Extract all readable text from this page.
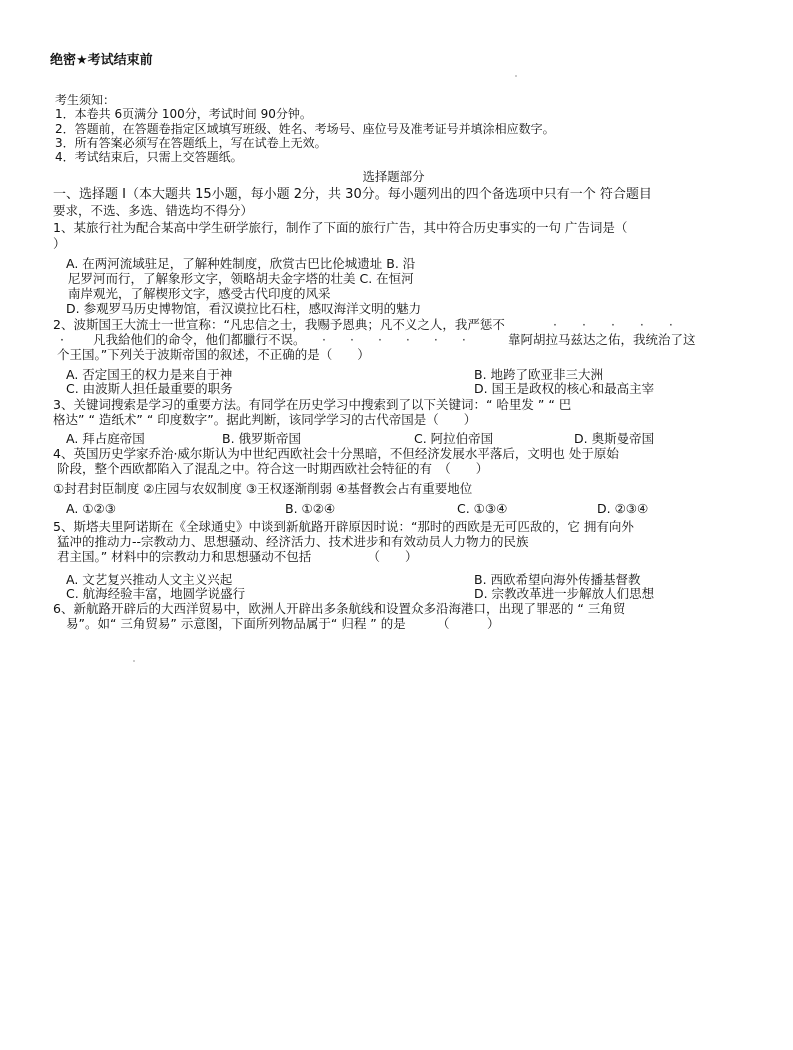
绝密★考试结束前
考生须知：
1．本卷共 6页满分 100分，考试时间 90分钟。
2．答题前，在答题卷指定区域填写班级、姓名、考场号、座位号及准考证号并填涂相应数字。
3．所有答案必须写在答题纸上，写在试卷上无效。
4．考试结束后，只需上交答题纸。
选择题部分
一、选择题 I（本大题共 15小题，每小题 2分，共 30分。每小题列出的四个备选项中只有一个 符合题目
要求，不选、多选、错选均不得分）
1、某旅行社为配合某高中学生研学旅行，制作了下面的旅行广告，其中符合历史事实的一句 广告词是（
）
A. 在两河流域驻足，了解种姓制度，欣赏古巴比伦城遗址 B. 沿
尼罗河而行，了解象形文字，领略胡夫金字塔的壮美 C. 在恒河
南岸观光，了解楔形文字，感受古代印度的风采
D. 参观罗马历史博物馆，看汉谟拉比石柱，感叹海洋文明的魅力
2、波斯国王大流士一世宣称：“凡忠信之士，我赐予恩典；凡不义之人，我严惩不	·····
· 凡我給他们的命令，他们都臘行不误。 ······ 靠阿胡拉马兹达之佑，我统治了这
个王国。”下列关于波斯帝国的叙述，不正确的是（　　）
A. 否定国王的权力是来自于神	B. 地跨了欧亚非三大洲
C. 由波斯人担任最重要的职务	D. 国王是政权的核心和最高主宰
3、关键词搜索是学习的重要方法。有同学在历史学习中搜索到了以下关键词：“ 哈里发 ” “ 巴
格达” “ 造纸术” “ 印度数字”。据此判断，该同学学习的古代帝国是（　　）
A. 拜占庭帝国	B. 俄罗斯帝国	C. 阿拉伯帝国	D. 奥斯曼帝国
4、英国历史学家乔治·威尔斯认为中世纪西欧社会十分黑暗，不但经济发展水平落后，文明也 处于原始
阶段，整个西欧都陷入了混乱之中。符合这一时期西欧社会特征的有　（　　）
①封君封臣制度 ②庄园与农奴制度 ③王权逐渐削弱 ④基督教会占有重要地位
A. ①②③	B. ①②④	C. ①③④	D. ②③④
5、斯塔夫里阿诺斯在《全球通史》中谈到新航路开辟原因时说：“那时的西欧是无可匹敌的，它 拥有向外
猛冲的推动力--宗教动力、思想骚动、经济活力、技术进步和有效动员人力物力的民族
君主国。” 材料中的宗教动力和思想骚动不包括　　　　　（　　）
A. 文艺复兴推动人文主义兴起	B. 西欧希望向海外传播基督教
C. 航海经验丰富，地圆学说盛行	D. 宗教改革进一步解放人们思想
6、新航路开辟后的大西洋贸易中，欧洲人开辟出多条航线和设置众多沿海港口，出现了罪恶的 “ 三角贸
易”。如“ 三角贸易” 示意图，下面所列物品属于“ 归程 ” 的是　　　（　　　）
